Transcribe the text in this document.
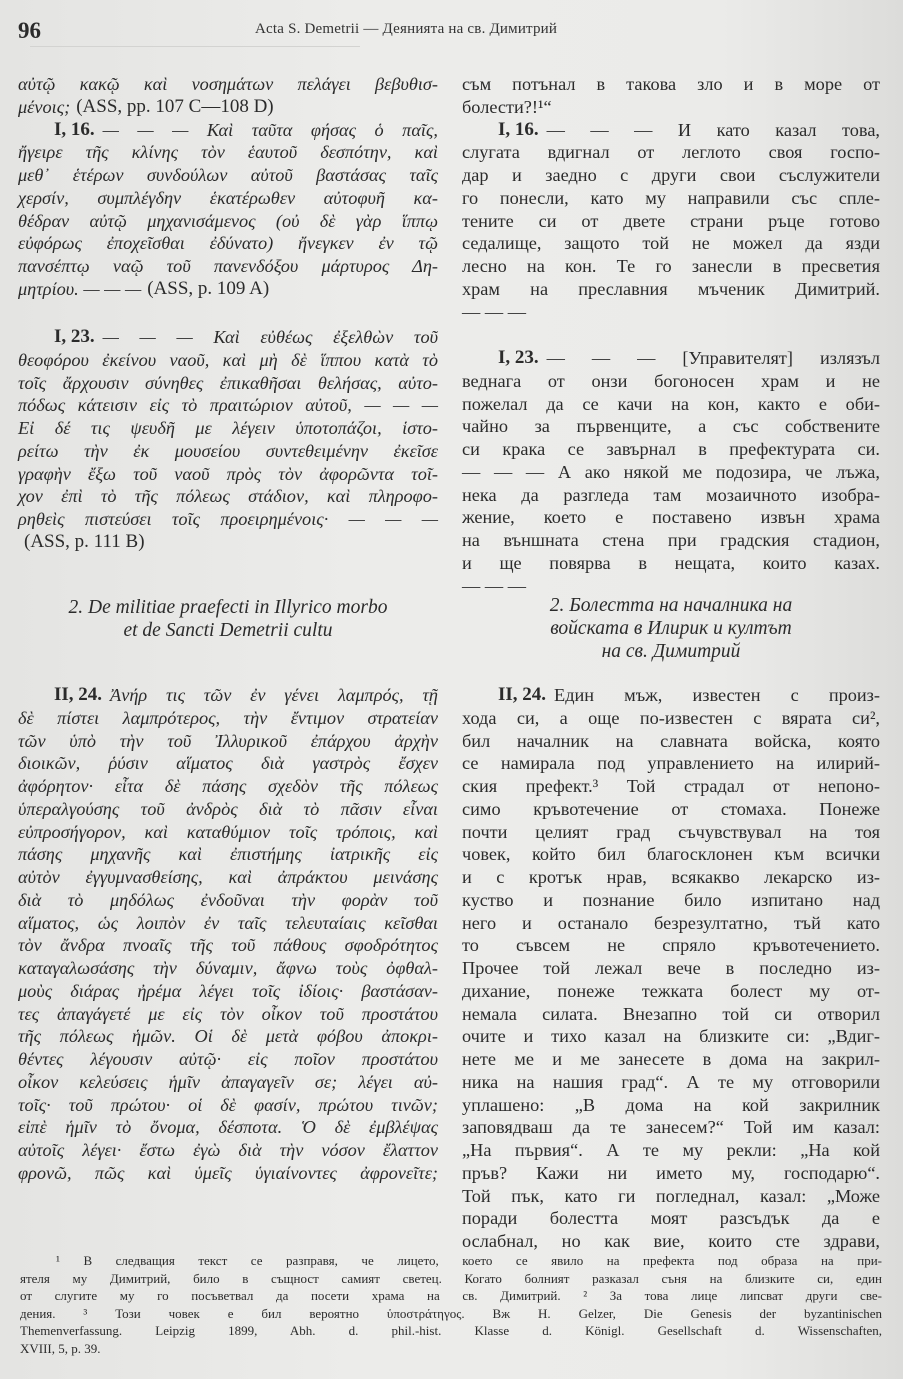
96	Acta S. Demetrii — Деянията на св. Димитрий
αὐτῷ κακῷ καὶ νοσημάτων πελάγει βεβυθισ-
μένοις; (ASS, pp. 107 C—108 D)
I, 16. — — — Καὶ ταῦτα φήσας ὁ παῖς,
ἤγειρε τῆς κλίνης τὸν ἑαυτοῦ δεσπότην, καὶ
μεθ᾿ ἑτέρων συνδούλων αὐτοῦ βαστάσας ταῖς
χερσίν, συμπλέγδην ἑκατέρωθεν αὐτοφυῆ κα-
θέδραν αὐτῷ μηχανισάμενος (οὐ δὲ γὰρ ἵππῳ
εὐφόρως ἐποχεῖσθαι ἐδύνατο) ἤνεγκεν ἐν τῷ
πανσέπτῳ ναῷ τοῦ πανενδόξου μάρτυρος Δη-
μητρίου. — — — (ASS, p. 109 A)
I, 23. — — — Καὶ εὐθέως ἐξελθὼν τοῦ
θεοφόρου ἐκείνου ναοῦ, καὶ μὴ δὲ ἵππου κατὰ τὸ
τοῖς ἄρχουσιν σύνηθες ἐπικαθῆσαι θελήσας, αὐτο-
πόδως κάτεισιν εἰς τὸ πραιτώριον αὐτοῦ, — — —
Εἰ δέ τις ψευδῆ με λέγειν ὑποτοπάζοι, ἱστο-
ρείτω τὴν ἐκ μουσείου συντεθειμένην ἐκεῖσε
γραφὴν ἔξω τοῦ ναοῦ πρὸς τὸν ἀφορῶντα τοῖ-
χον ἐπὶ τὸ τῆς πόλεως στάδιον, καὶ πληροφο-
ρηθεὶς πιστεύσει τοῖς προειρημένοις· — — —
(ASS, p. 111 B)
2. De militiae praefecti in Illyrico morbo
et de Sancti Demetrii cultu
II, 24. Ἀνήρ τις τῶν ἐν γένει λαμπρός, τῇ
δὲ πίστει λαμπρότερος, τὴν ἔντιμον στρατείαν
τῶν ὑπὸ τὴν τοῦ Ἰλλυρικοῦ ἐπάρχου ἀρχὴν
διοικῶν, ῥύσιν αἵματος διὰ γαστρὸς ἔσχεν
ἀφόρητον· εἶτα δὲ πάσης σχεδὸν τῆς πόλεως
ὑπεραλγούσης τοῦ ἀνδρὸς διὰ τὸ πᾶσιν εἶναι
εὐπροσήγορον, καὶ καταθύμιον τοῖς τρόποις, καὶ
πάσης μηχανῆς καὶ ἐπιστήμης ἰατρικῆς εἰς
αὐτὸν ἐγγυμνασθείσης, καὶ ἀπράκτου μεινάσης
διὰ τὸ μηδόλως ἐνδοῦναι τὴν φορὰν τοῦ
αἵματος, ὡς λοιπὸν ἐν ταῖς τελευταίαις κεῖσθαι
τὸν ἄνδρα πνοαῖς τῆς τοῦ πάθους σφοδρότητος
καταγαλωσάσης τὴν δύναμιν, ἄφνω τοὺς ὀφθαλ-
μοὺς διάρας ἠρέμα λέγει τοῖς ἰδίοις· βαστάσαν-
τες ἀπαγάγετέ με εἰς τὸν οἶκον τοῦ προστάτου
τῆς πόλεως ἡμῶν. Οἱ δὲ μετὰ φόβου ἀποκρι-
θέντες λέγουσιν αὐτῷ· εἰς ποῖον προστάτου
οἶκον κελεύσεις ἡμῖν ἀπαγαγεῖν σε; λέγει αὐ-
τοῖς· τοῦ πρώτου· οἱ δὲ φασίν, πρώτου τινῶν;
εἰπὲ ἡμῖν τὸ ὄνομα, δέσποτα. Ὁ δὲ ἐμβλέψας
αὐτοῖς λέγει· ἔστω ἐγὼ διὰ τὴν νόσον ἔλαττον
φρονῶ, πῶς καὶ ὑμεῖς ὑγιαίνοντες ἀφρονεῖτε;
съм потънал в такова зло и в море от
болести?!¹“
I, 16. — — — И като казал това,
слугата вдигнал от леглото своя госпо-
дар и заедно с други свои съслужители
го понесли, като му направили със спле-
тените си от двете страни ръце готово
седалище, защото той не можел да язди
лесно на кон. Те го занесли в пресветия
храм на преславния мъченик Димитрий.
— — —
I, 23. — — — [Управителят] излязъл
веднага от онзи богоносен храм и не
пожелал да се качи на кон, както е оби-
чайно за първенците, а със собствените
си крака се завърнал в префектурата си.
— — — А ако някой ме подозира, че лъжа,
нека да разгледа там мозаичното изобра-
жение, което е поставено извън храма
на външната стена при градския стадион,
и ще повярва в нещата, които казах.
— — —
2. Болестта на началника на
войската в Илирик и култът
на св. Димитрий
II, 24. Един мъж, известен с произ-
хода си, а още по-известен с вярата си²,
бил началник на славната войска, която
се намирала под управлението на илирий-
ския префект.³ Той страдал от непоно-
симо кръвотечение от стомаха. Понеже
почти целият град съчувствувал на тоя
човек, който бил благосклонен към всички
и с кротък нрав, всякакво лекарско из-
куство и познание било изпитано над
него и останало безрезултатно, тъй като
то съвсем не спряло кръвотечението.
Прочее той лежал вече в последно из-
дихание, понеже тежката болест му от-
немала силата. Внезапно той си отворил
очите и тихо казал на близките си: „Вдиг-
нете ме и ме занесете в дома на закрил-
ника на нашия град“. А те му отговорили
уплашено: „В дома на кой закрилник
заповядваш да те занесем?“ Той им казал:
„На първия“. А те му рекли: „На кой
пръв? Кажи ни името му, господарю“.
Той пък, като ги погледнал, казал: „Може
поради болестта моят разсъдък да е
ослабнал, но как вие, които сте здрави,
¹ В следващия текст се разправя, че лицето, което се явило на префекта под образа на при-
ятеля му Димитрий, било в същност самият светец. Когато болният разказал съня на близките си, един
от слугите му го посъветвал да посети храма на св. Димитрий. ² За това лице липсват други све-
дения. ³ Този човек е бил вероятно ὑποστράτηγος. Вж H. Gelzer, Die Genesis der byzantinischen
Themenverfassung. Leipzig 1899, Abh. d. phil.-hist. Klasse d. Königl. Gesellschaft d. Wissenschaften,
XVIII, 5, p. 39.
